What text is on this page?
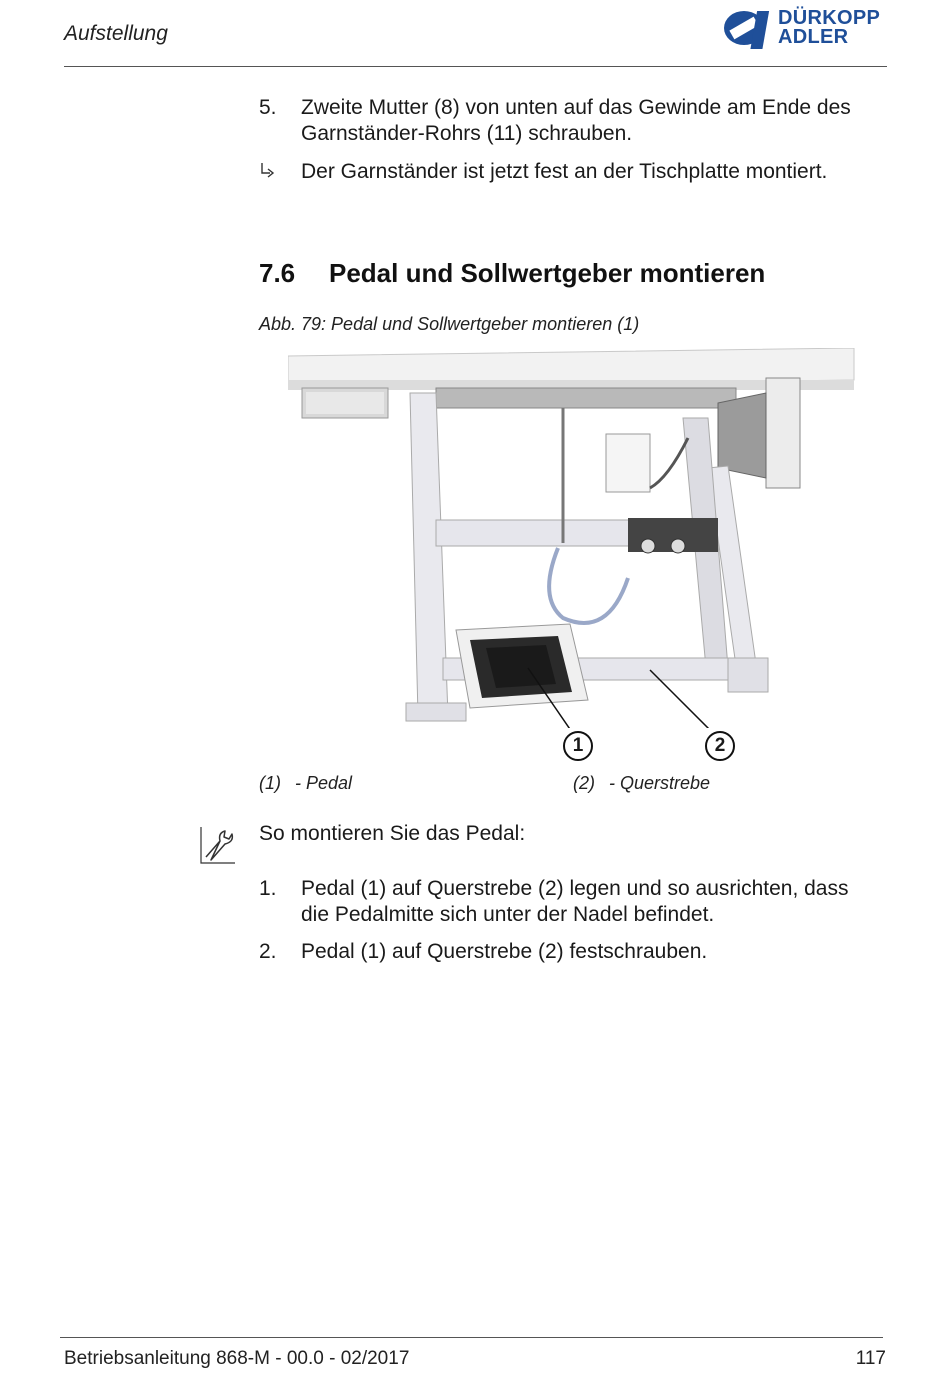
Aufstellung
DÜRKOPP
ADLER
5.	Zweite Mutter (8) von unten auf das Gewinde am Ende des
Garnständer-Rohrs (11) schrauben.
Der Garnständer ist jetzt fest an der Tischplatte montiert.
7.6 Pedal und Sollwertgeber montieren
Abb. 79: Pedal und Sollwertgeber montieren (1)
1	2
(1) - Pedal	(2) - Querstrebe
So montieren Sie das Pedal:
1.	Pedal (1) auf Querstrebe (2) legen und so ausrichten, dass
die Pedalmitte sich unter der Nadel befindet.
2.	Pedal (1) auf Querstrebe (2) festschrauben.
Betriebsanleitung 868-M - 00.0 - 02/2017	117
